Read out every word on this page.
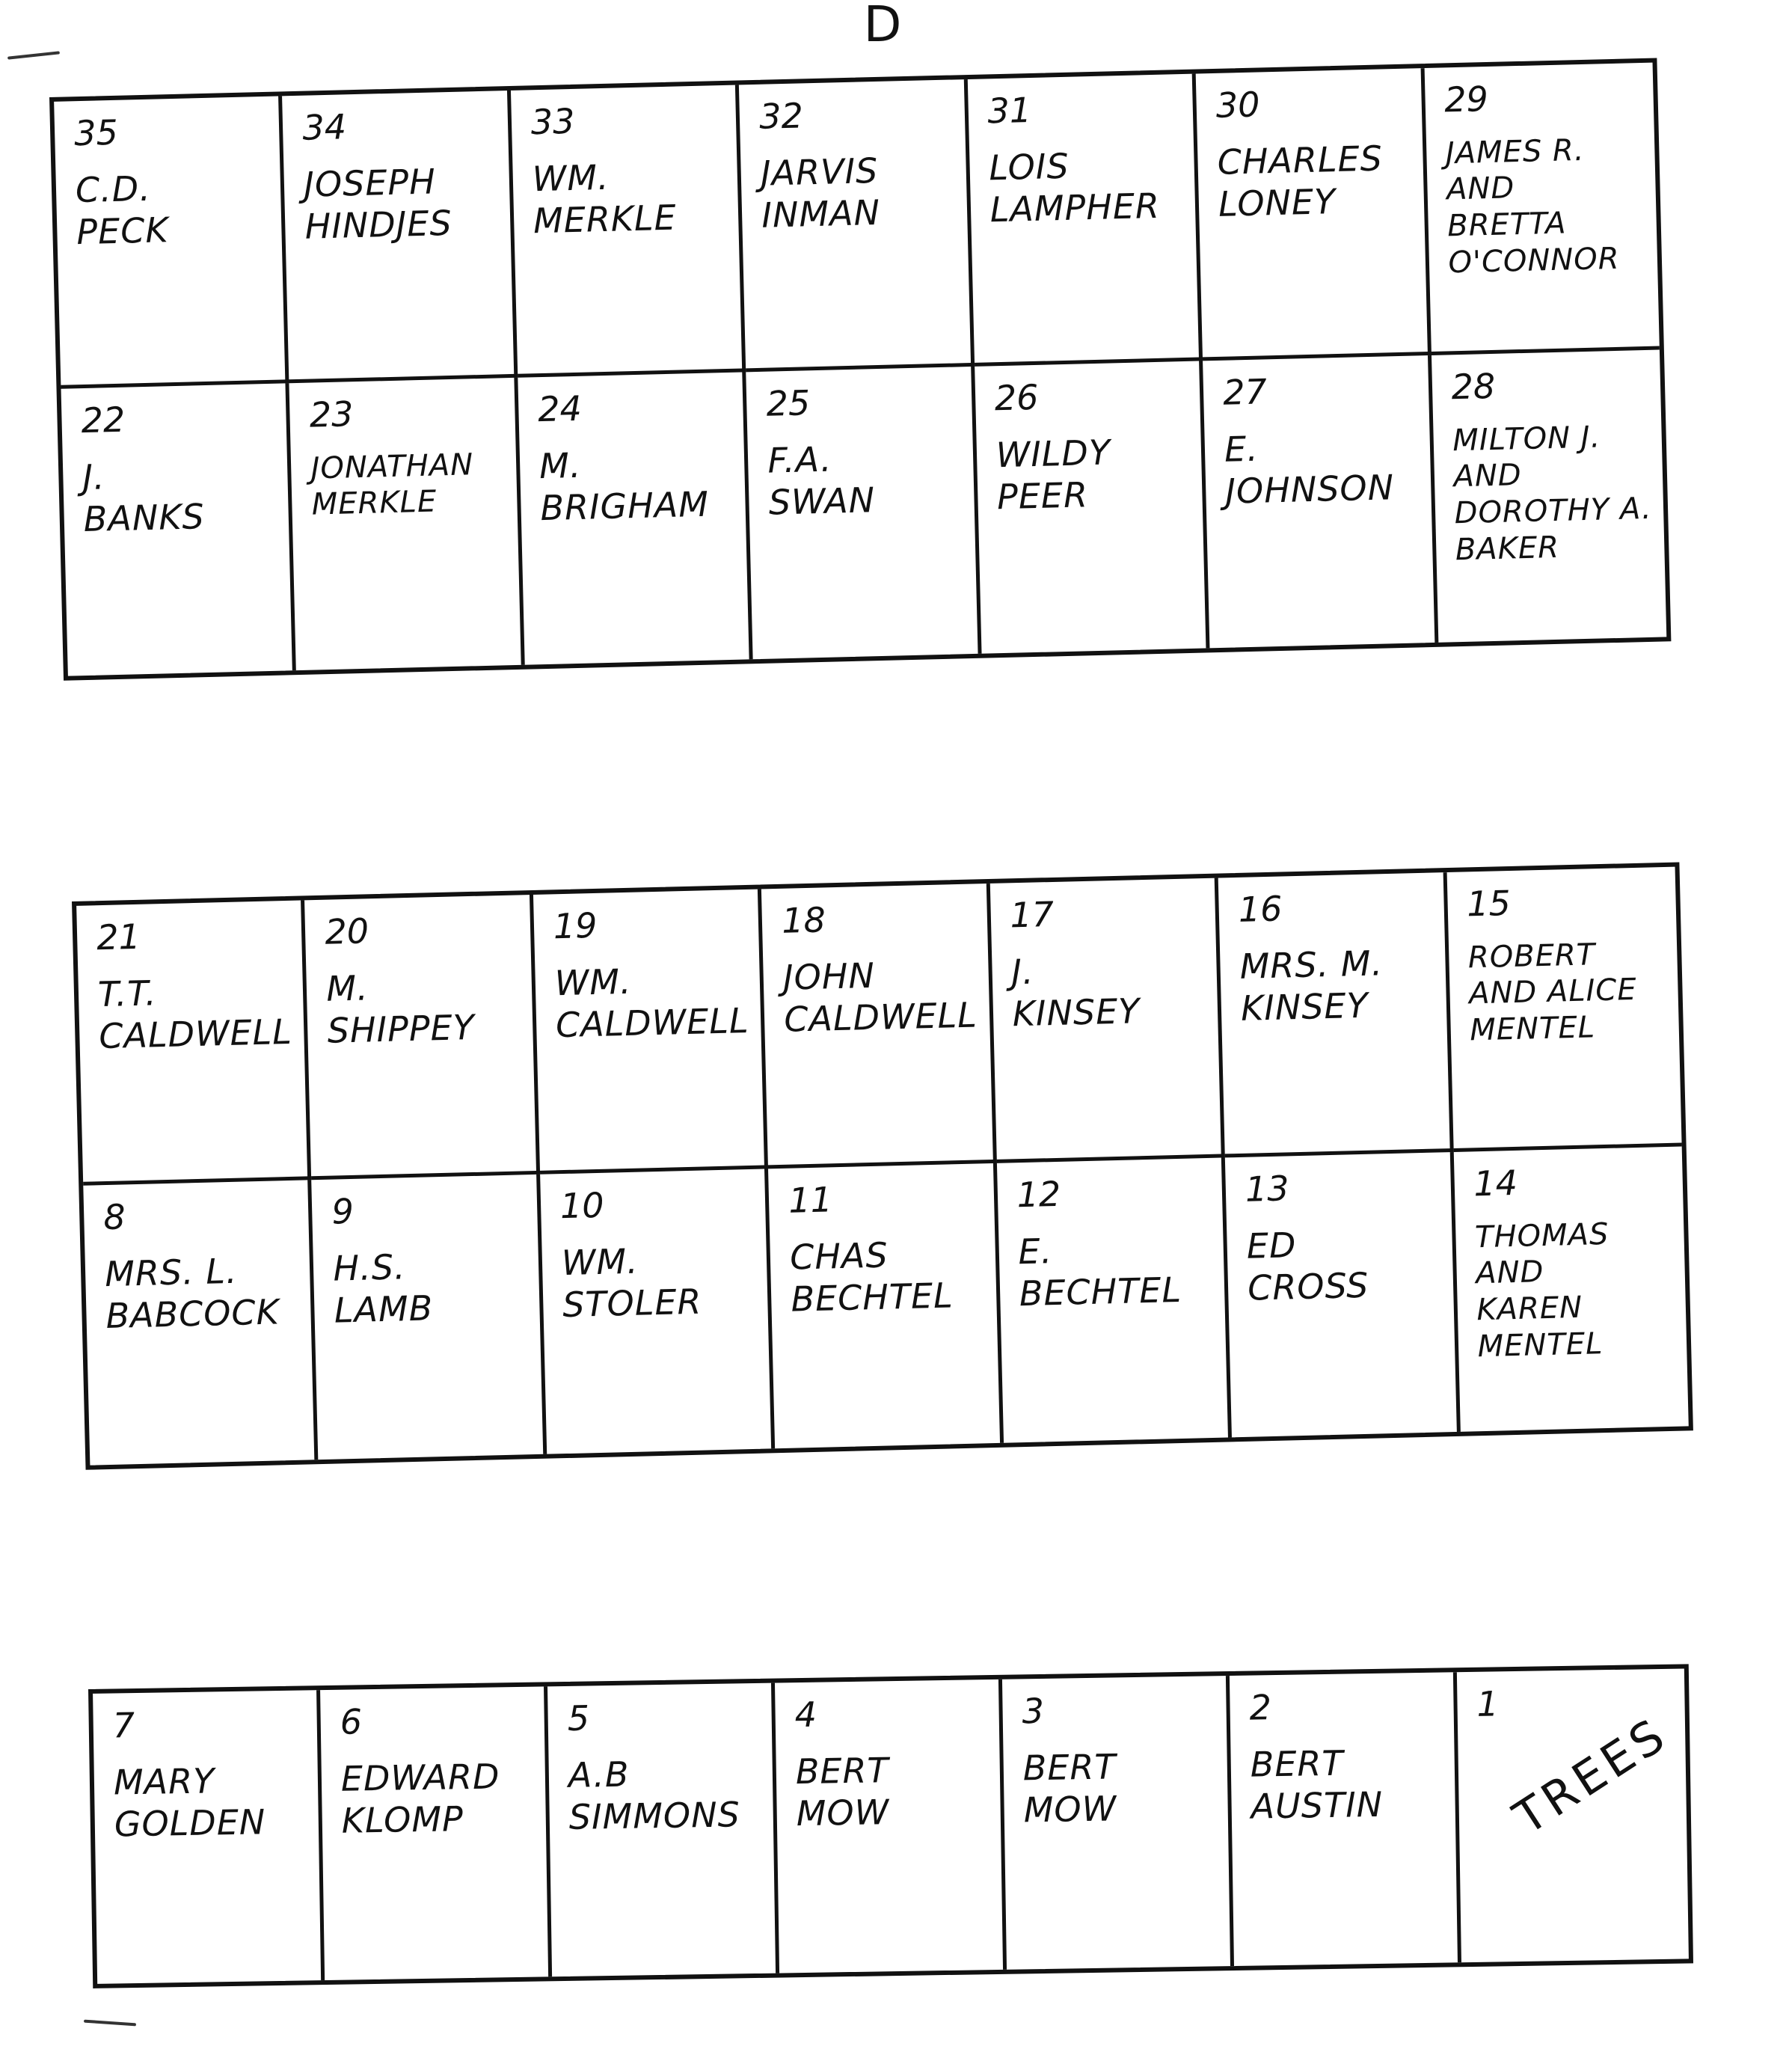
D
35
C.D.
PECK
34
JOSEPH
HINDJES
33
WM.
MERKLE
32
JARVIS
INMAN
31
LOIS
LAMPHER
30
CHARLES
LONEY
29
JAMES R.
AND
BRETTA
O'CONNOR
22
J.
BANKS
23
JONATHAN
MERKLE
24
M.
BRIGHAM
25
F.A.
SWAN
26
WILDY
PEER
27
E.
JOHNSON
28
MILTON J.
AND
DOROTHY A.
BAKER
21
T.T.
CALDWELL
20
M.
SHIPPEY
19
WM.
CALDWELL
18
JOHN
CALDWELL
17
J.
KINSEY
16
MRS. M.
KINSEY
15
ROBERT
AND ALICE
MENTEL
8
MRS. L.
BABCOCK
9
H.S.
LAMB
10
WM.
STOLER
11
CHAS
BECHTEL
12
E.
BECHTEL
13
ED
CROSS
14
THOMAS AND
KAREN
MENTEL
7
MARY
GOLDEN
6
EDWARD
KLOMP
5
A.B
SIMMONS
4
BERT
MOW
3
BERT
MOW
2
BERT
AUSTIN
1
TREES
